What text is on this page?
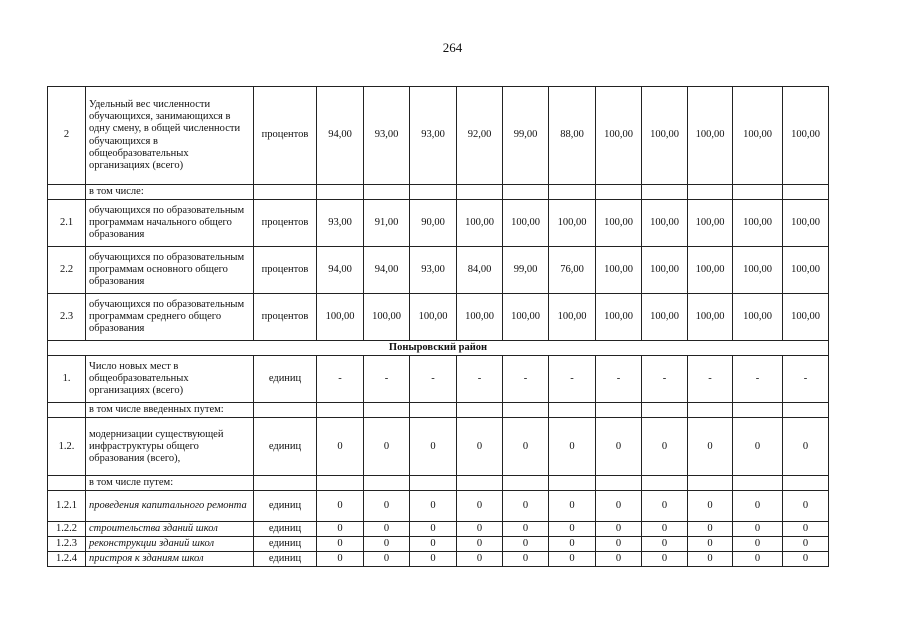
264
2	Удельный вес численности обучающихся, занимающихся в одну смену, в общей численности обучающихся в общеобразовательных организациях (всего)	процентов	94,00	93,00	93,00	92,00	99,00	88,00	100,00	100,00	100,00	100,00	100,00
	в том числе:												
2.1	обучающихся по образовательным программам начального общего образования	процентов	93,00	91,00	90,00	100,00	100,00	100,00	100,00	100,00	100,00	100,00	100,00
2.2	обучающихся по образовательным программам основного общего образования	процентов	94,00	94,00	93,00	84,00	99,00	76,00	100,00	100,00	100,00	100,00	100,00
2.3	обучающихся по образовательным программам среднего общего образования	процентов	100,00	100,00	100,00	100,00	100,00	100,00	100,00	100,00	100,00	100,00	100,00
Поныровский район													
1.	Число новых мест в общеобразовательных организациях (всего)	единиц	-	-	-	-	-	-	-	-	-	-	-
	в том числе введенных путем:												
1.2.	модернизации существующей инфраструктуры общего образования (всего),	единиц	0	0	0	0	0	0	0	0	0	0	0
	в том числе путем:												
1.2.1	проведения капитального ремонта	единиц	0	0	0	0	0	0	0	0	0	0	0
1.2.2	строительства зданий школ	единиц	0	0	0	0	0	0	0	0	0	0	0
1.2.3	реконструкции зданий школ	единиц	0	0	0	0	0	0	0	0	0	0	0
1.2.4	пристроя к зданиям школ	единиц	0	0	0	0	0	0	0	0	0	0	0
